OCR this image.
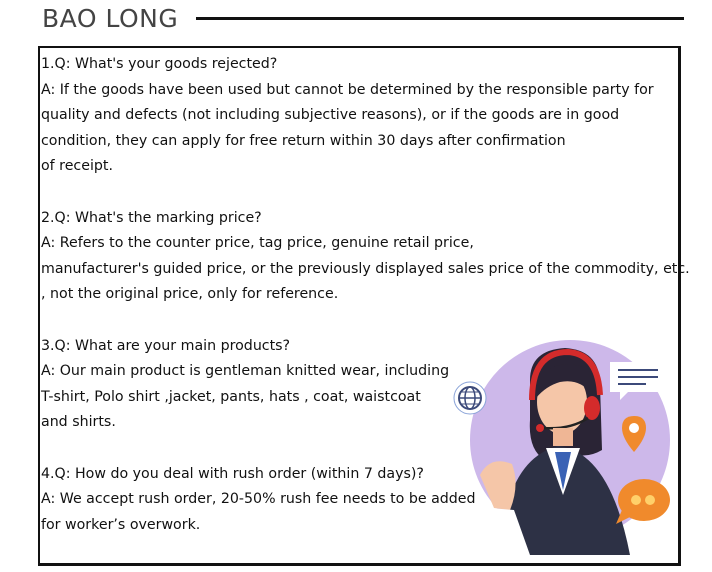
BAO LONG
1.Q: What's your goods rejected?
A: If the goods have been used but cannot be determined by the responsible party for
quality and defects (not including subjective reasons), or if the goods are in good
condition, they can apply for free return within 30 days after confirmation
of receipt.
2.Q: What's the marking price?
A: Refers to the counter price, tag price, genuine retail price,
manufacturer's guided price, or the previously displayed sales price of the commodity, etc.
, not the original price, only for reference.
3.Q: What are your main products?
A: Our main product is gentleman knitted wear, including
T-shirt, Polo shirt ,jacket, pants, hats , coat, waistcoat
and shirts.
4.Q: How do you deal with rush order (within 7 days)?
A: We accept rush order, 20-50% rush fee needs to be added
for worker’s overwork.
